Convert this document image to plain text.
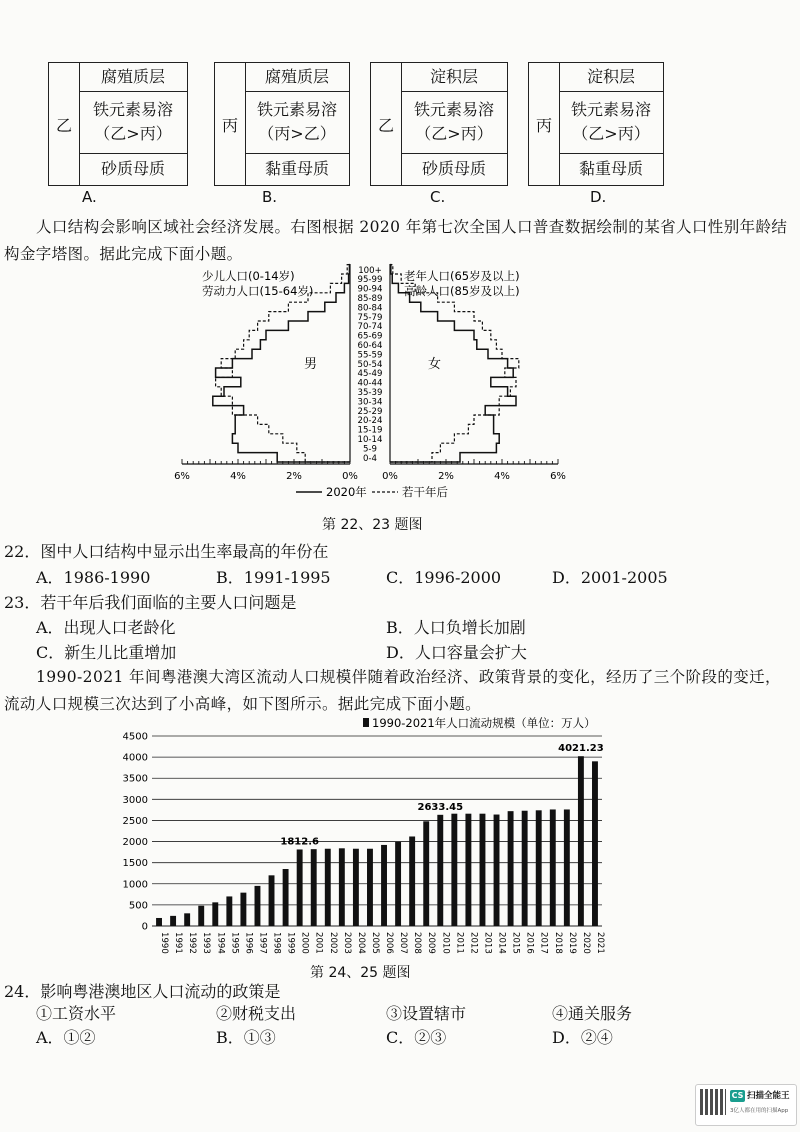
乙
腐殖质层
铁元素易溶
（乙>丙）
砂质母质
丙
腐殖质层
铁元素易溶
（丙>乙）
黏重母质
乙
淀积层
铁元素易溶
（乙>丙）
砂质母质
丙
淀积层
铁元素易溶
（乙>丙）
黏重母质
A.	B.	C.	D.
人口结构会影响区域社会经济发展。右图根据 2020 年第七次全国人口普查数据绘制的某省人口性别年龄结构金字塔图。据此完成下面小题。
少儿人口(0-14岁)
劳动力人口(15-64岁)
老年人口(65岁及以上)
高龄人口(85岁及以上)
男	女
0-4
5-9
10-14
15-19
20-24
25-29
30-34
35-39
40-44
45-49
50-54
55-59
60-64
65-69
70-74
75-79
80-84
85-89
90-94
95-99
100+
6%	4%	2%	0% 0%	2%	4%	6%
2020年	若干年后
第 22、23 题图
22．图中人口结构中显示出生率最高的年份在
A．1986-1990	B．1991-1995	C．1996-2000	D．2001-2005
23．若干年后我们面临的主要人口问题是
A．出现人口老龄化	B．人口负增长加剧
C．新生儿比重增加	D．人口容量会扩大
1990-2021 年间粤港澳大湾区流动人口规模伴随着政治经济、政策背景的变化，经历了三个阶段的变迁，流动人口规模三次达到了小高峰，如下图所示。据此完成下面小题。
1990-2021年人口流动规模（单位：万人）
0
500
1000
1500
2000
2500
3000
3500
4000
4500
1990 1991 1992 1993 1994 1995 1996 1997 1998 1999 2000
1812.6
2001 2002 2003 2004 2005 2006 2007 2008 2009 2010
2633.45
2011 2012 2013 2014 2015 2016 2017 2018 2019 2020
4021.23
2021
第 24、25 题图
24．影响粤港澳地区人口流动的政策是
①工资水平	②财税支出	③设置辖市	④通关服务
A．①②	B．①③	C．②③	D．②④
CS 扫描全能王
3亿人都在用的扫描App
